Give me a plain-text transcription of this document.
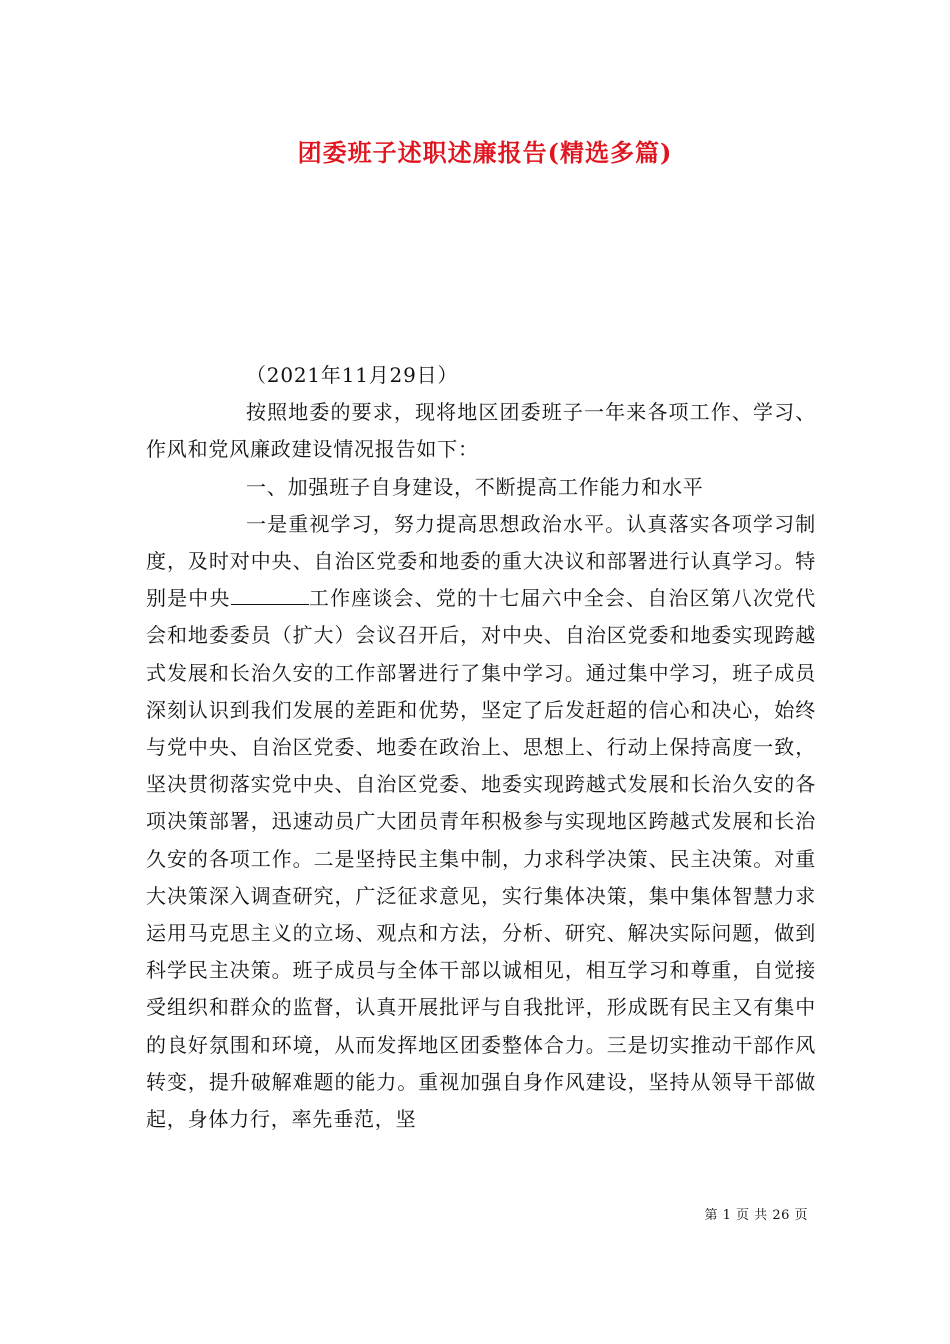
团委班子述职述廉报告(精选多篇)

（2021年11月29日）

按照地委的要求，现将地区团委班子一年来各项工作、学习、作风和党风廉政建设情况报告如下：

一、加强班子自身建设，不断提高工作能力和水平

一是重视学习，努力提高思想政治水平。认真落实各项学习制度，及时对中央、自治区党委和地委的重大决议和部署进行认真学习。特别是中央	工作座谈会、党的十七届六中全会、自治区第八次党代会和地委委员（扩大）会议召开后，对中央、自治区党委和地委实现跨越式发展和长治久安的工作部署进行了集中学习。通过集中学习，班子成员深刻认识到我们发展的差距和优势，坚定了后发赶超的信心和决心，始终与党中央、自治区党委、地委在政治上、思想上、行动上保持高度一致，坚决贯彻落实党中央、自治区党委、地委实现跨越式发展和长治久安的各项决策部署，迅速动员广大团员青年积极参与实现地区跨越式发展和长治久安的各项工作。二是坚持民主集中制，力求科学决策、民主决策。对重大决策深入调查研究，广泛征求意见，实行集体决策，集中集体智慧力求运用马克思主义的立场、观点和方法，分析、研究、解决实际问题，做到科学民主决策。班子成员与全体干部以诚相见，相互学习和尊重，自觉接受组织和群众的监督，认真开展批评与自我批评，形成既有民主又有集中的良好氛围和环境，从而发挥地区团委整体合力。三是切实推动干部作风转变，提升破解难题的能力。重视加强自身作风建设，坚持从领导干部做起，身体力行，率先垂范，坚

第 1 页 共 26 页
